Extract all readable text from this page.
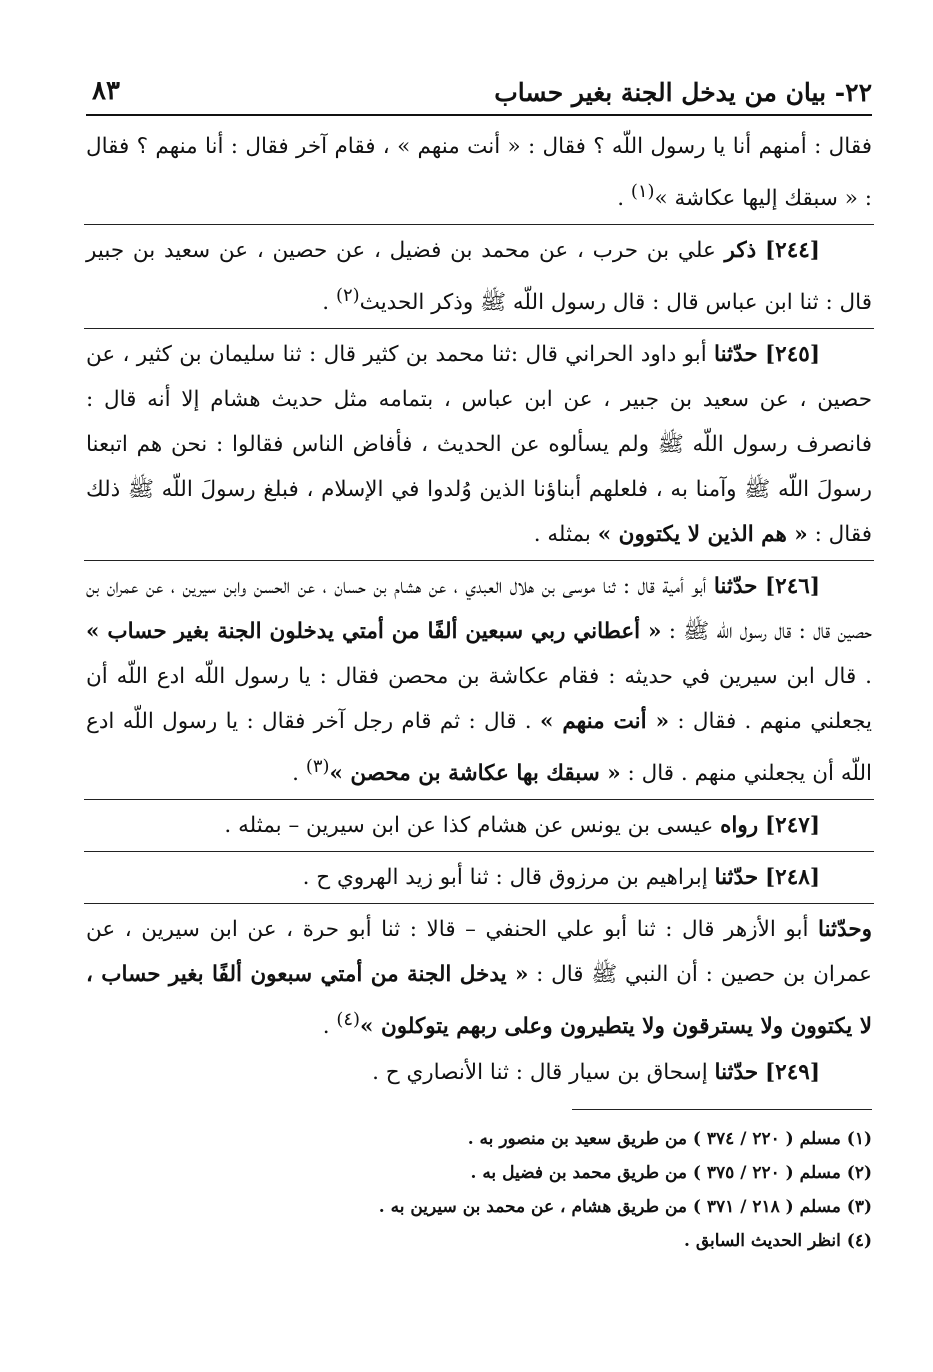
٢٢- بيان من يدخل الجنة بغير حساب
٨٣

فقال : أمنهم أنا يا رسول اللّه ؟ فقال : « أنت منهم » ، فقام آخر فقال : أنا منهم ؟ فقال : « سبقك إليها عكاشة »$^{(١)}$ .

[٢٤٤] ذكر علي بن حرب ، عن محمد بن فضيل ، عن حصين ، عن سعيد بن جبير قال : ثنا ابن عباس قال : قال رسول اللّه ﷺ وذكر الحديث$^{(٢)}$ .

[٢٤٥] حدّثنا أبو داود الحراني قال :ثنا محمد بن كثير قال : ثنا سليمان بن كثير ، عن حصين ، عن سعيد بن جبير ، عن ابن عباس ، بتمامه مثل حديث هشام إلا أنه قال : فانصرف رسول اللّه ﷺ ولم يسألوه عن الحديث ، فأفاض الناس فقالوا : نحن هم اتبعنا رسولَ اللّه ﷺ وآمنا به ، فلعلهم أبناؤنا الذين وُلدوا في الإسلام ، فبلغ رسولَ اللّه ﷺ ذلك فقال : « هم الذين لا يكتوون » بمثله .

[٢٤٦] حدّثنا أبو أمية قال : ثنا موسى بن هلال العبدي ، عن هشام بن حسان ، عن الحسن وابن سيرين ، عن عمران بن حصين قال : قال رسول اللّه ﷺ : « أعطاني ربي سبعين ألفًا من أمتي يدخلون الجنة بغير حساب » . قال ابن سيرين في حديثه : فقام عكاشة بن محصن فقال : يا رسول اللّه ادع اللّه أن يجعلني منهم . فقال : « أنت منهم » . قال : ثم قام رجل آخر فقال : يا رسول اللّه ادع اللّه أن يجعلني منهم . قال : « سبقك بها عكاشة بن محصن »$^{(٣)}$ .

[٢٤٧] رواه عيسى بن يونس عن هشام كذا عن ابن سيرين – بمثله .

[٢٤٨] حدّثنا إبراهيم بن مرزوق قال : ثنا أبو زيد الهروي ح .

وحدّثنا أبو الأزهر قال : ثنا أبو علي الحنفي – قالا : ثنا أبو حرة ، عن ابن سيرين ، عن عمران بن حصين : أن النبي ﷺ قال : « يدخل الجنة من أمتي سبعون ألفًا بغير حساب ، لا يكتوون ولا يسترقون ولا يتطيرون وعلى ربهم يتوكلون »$^{(٤)}$ .

[٢٤٩] حدّثنا إسحاق بن سيار قال : ثنا الأنصاري ح .

(١) مسلم ( ٢٢٠ / ٣٧٤ ) من طريق سعيد بن منصور به .

(٢) مسلم ( ٢٢٠ / ٣٧٥ ) من طريق محمد بن فضيل به .

(٣) مسلم ( ٢١٨ / ٣٧١ ) من طريق هشام ، عن محمد بن سيرين به .

(٤) انظر الحديث السابق .
